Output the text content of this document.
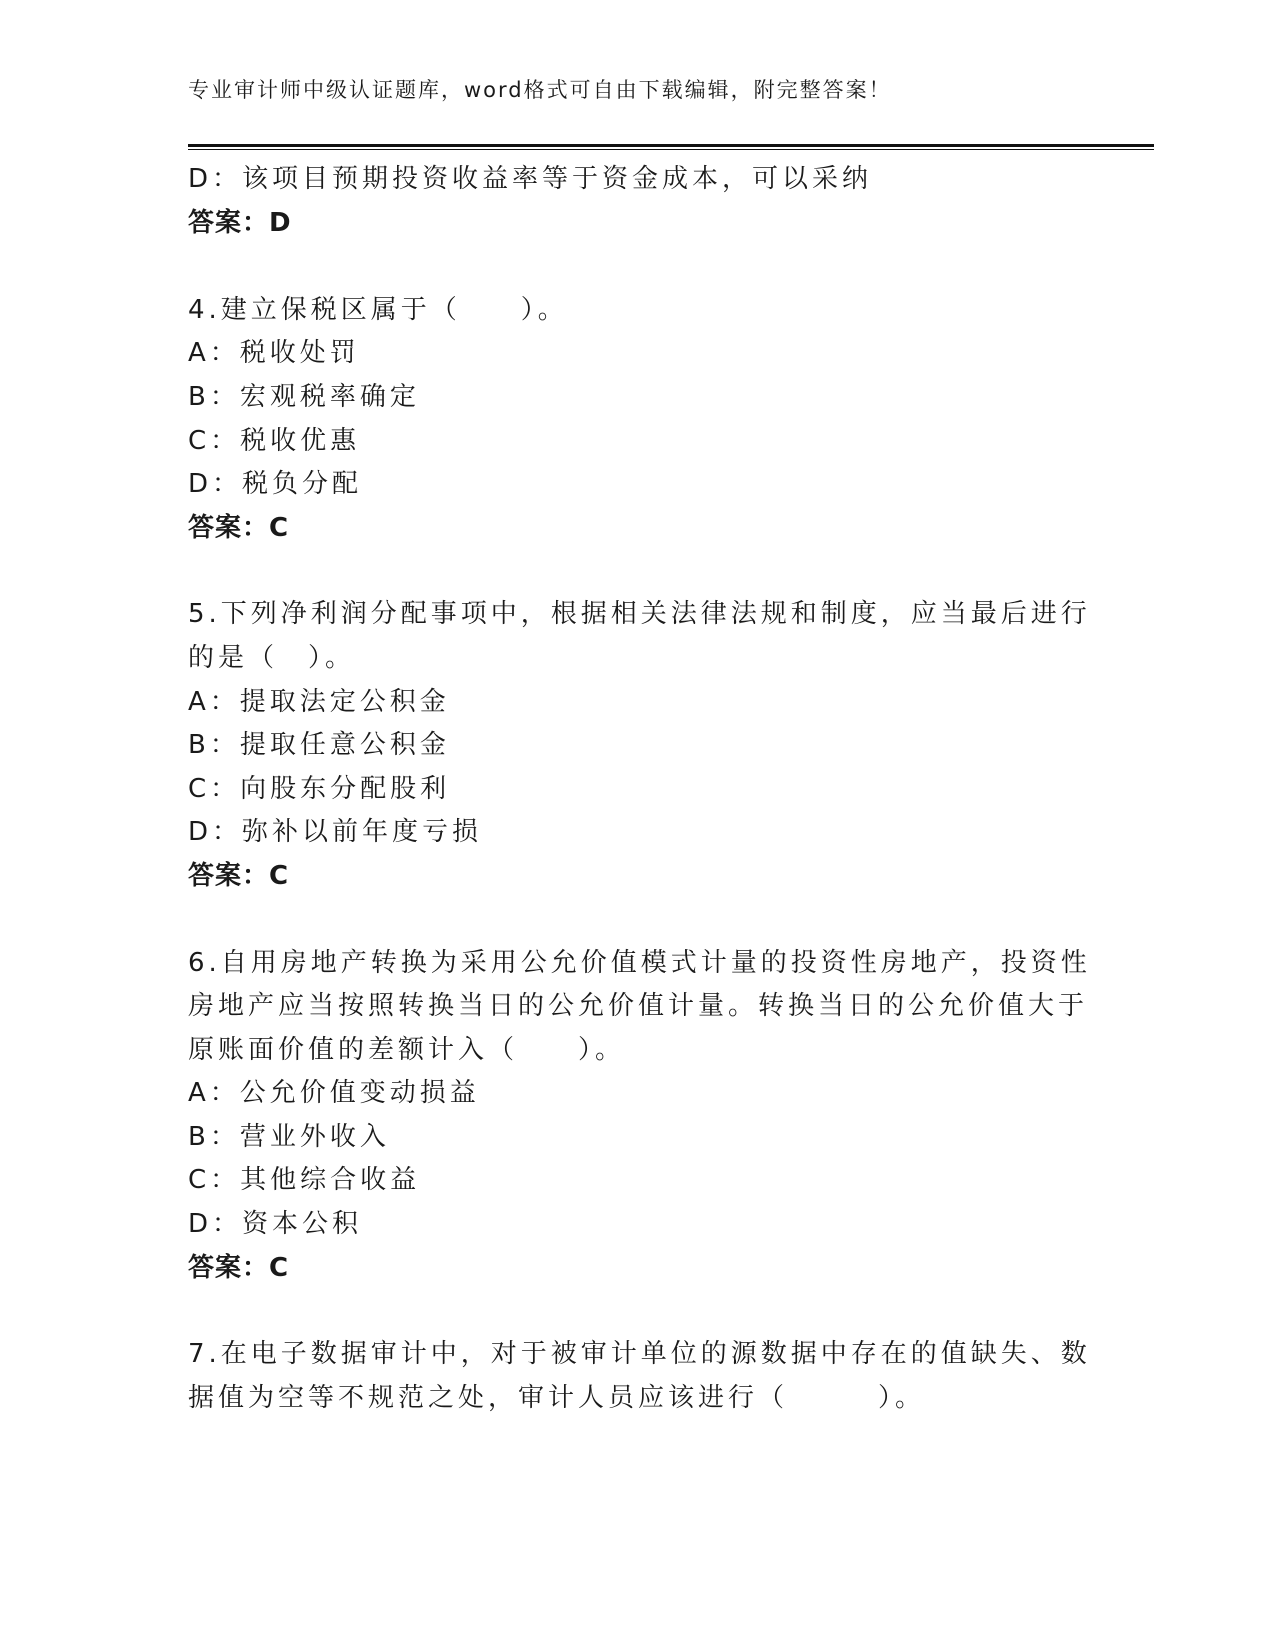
专业审计师中级认证题库，word格式可自由下载编辑，附完整答案！
D：该项目预期投资收益率等于资金成本，可以采纳
答案：D
4.建立保税区属于（　　）。
A：税收处罚
B：宏观税率确定
C：税收优惠
D：税负分配
答案：C
5.下列净利润分配事项中，根据相关法律法规和制度，应当最后进行
的是（　）。
A：提取法定公积金
B：提取任意公积金
C：向股东分配股利
D：弥补以前年度亏损
答案：C
6.自用房地产转换为采用公允价值模式计量的投资性房地产，投资性
房地产应当按照转换当日的公允价值计量。转换当日的公允价值大于
原账面价值的差额计入（　　）。
A：公允价值变动损益
B：营业外收入
C：其他综合收益
D：资本公积
答案：C
7.在电子数据审计中，对于被审计单位的源数据中存在的值缺失、数
据值为空等不规范之处，审计人员应该进行（　　　）。
